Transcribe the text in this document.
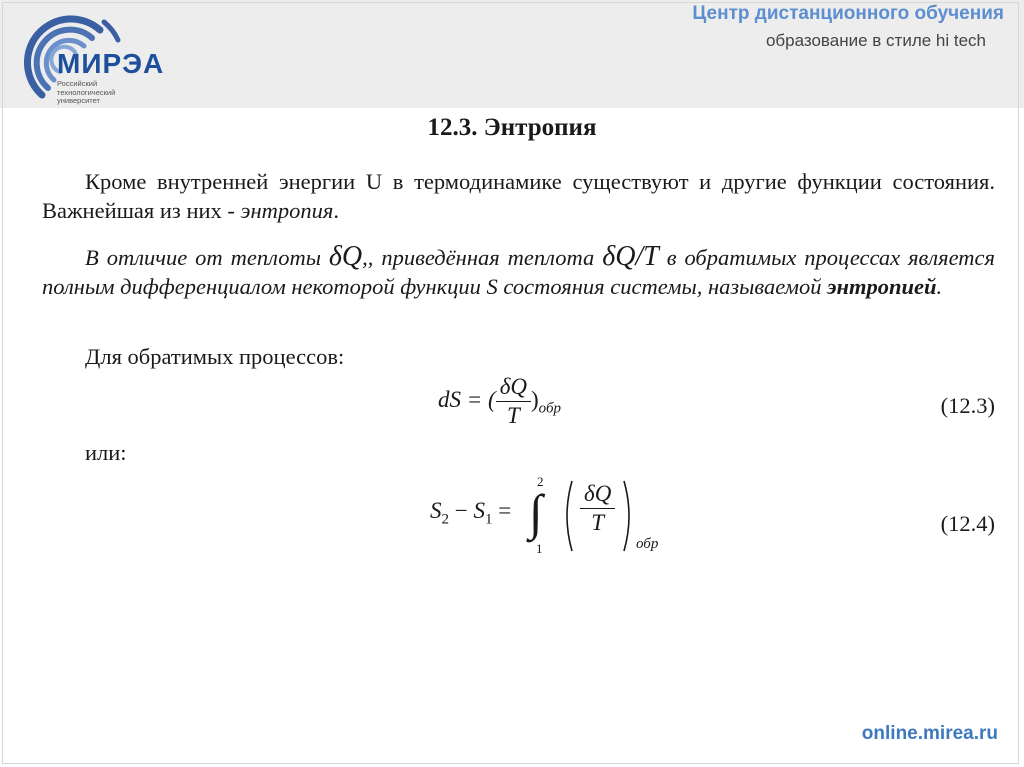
МИРЭА
Российский
технологический
университет
Центр дистанционного обучения
образование в стиле hi tech
12.3. Энтропия
Кроме внутренней энергии U в термодинамике существуют и другие функции состояния. Важнейшая из них - энтропия.
В отличие от теплоты δQ,, приведённая теплота δQ/T в обратимых процессах является полным дифференциалом некоторой функции S состояния системы, называемой энтропией.
Для обратимых процессов:
dS = ( $\frac{\delta Q}{T} )_{обр}$	(12.3)
или:
$S_2 - S_1$ =
2
∫
1
$\frac{\delta Q}{T}$
обр
(12.4)
online.mirea.ru
